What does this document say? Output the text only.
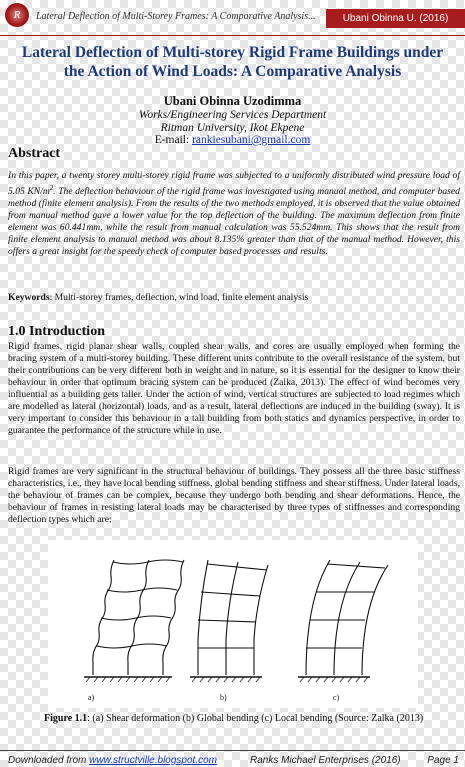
R	Lateral Deflection of Multi-Storey Frames: A Comparative Analysis...	Ubani Obinna U. (2016)
Lateral Deflection of Multi-storey Rigid Frame Buildings under
the Action of Wind Loads: A Comparative Analysis
Ubani Obinna Uzodimma
Works/Engineering Services Department
Ritman University, Ikot Ekpene
E-mail: rankiesubani@gmail.com
Abstract
In this paper, a twenty storey multi-storey rigid frame was subjected to a uniformly distributed wind pressure load of 5.05 $KN/m^2$. The deflection behaviour of the rigid frame was investigated using manual method, and computer based method (finite element analysis). From the results of the two methods employed, it is observed that the value obtained from manual method gave a lower value for the top deflection of the building. The maximum deflection from finite element was 60.441mm, while the result from manual calculation was 55.524mm. This shows that the result from finite element analysis to manual method was about 8.135% greater than that of the manual method. However, this offers a great insight for the speedy check of computer based processes and results.
Keywords: Multi-storey frames, deflection, wind load, finite element analysis
1.0 Introduction
Rigid frames, rigid planar shear walls, coupled shear walls, and cores are usually employed when forming the bracing system of a multi-storey building. These different units contribute to the overall resistance of the system, but their contributions can be very different both in weight and in nature, so it is essential for the designer to know their behaviour in order that optimum bracing system can be produced (Zalka, 2013). The effect of wind becomes very influential as a building gets taller. Under the action of wind, vertical structures are subjected to load regimes which are modelled as lateral (horizontal) loads, and as a result, lateral deflections are induced in the building (sway). It is very important to consider this behaviour in a tall building from both statics and dynamics perspective, in order to guarantee the performance of the structure while in use.
Rigid frames are very significant in the structural behaviour of buildings. They possess all the three basic stiffness characteristics, i.e., they have local bending stiffness, global bending stiffness and shear stiffness. Under lateral loads, the behaviour of frames can be complex, because they undergo both bending and shear deformations. Hence, the behaviour of frames in resisting lateral loads may be characterised by three types of stiffnesses and corresponding deflection types which are;
a)	b)	c)
Figure 1.1: (a) Shear deformation (b) Global bending (c) Local bending (Source: Zalka (2013)
Downloaded from www.structville.blogspot.com	Ranks Michael Enterprises (2016)	Page 1
